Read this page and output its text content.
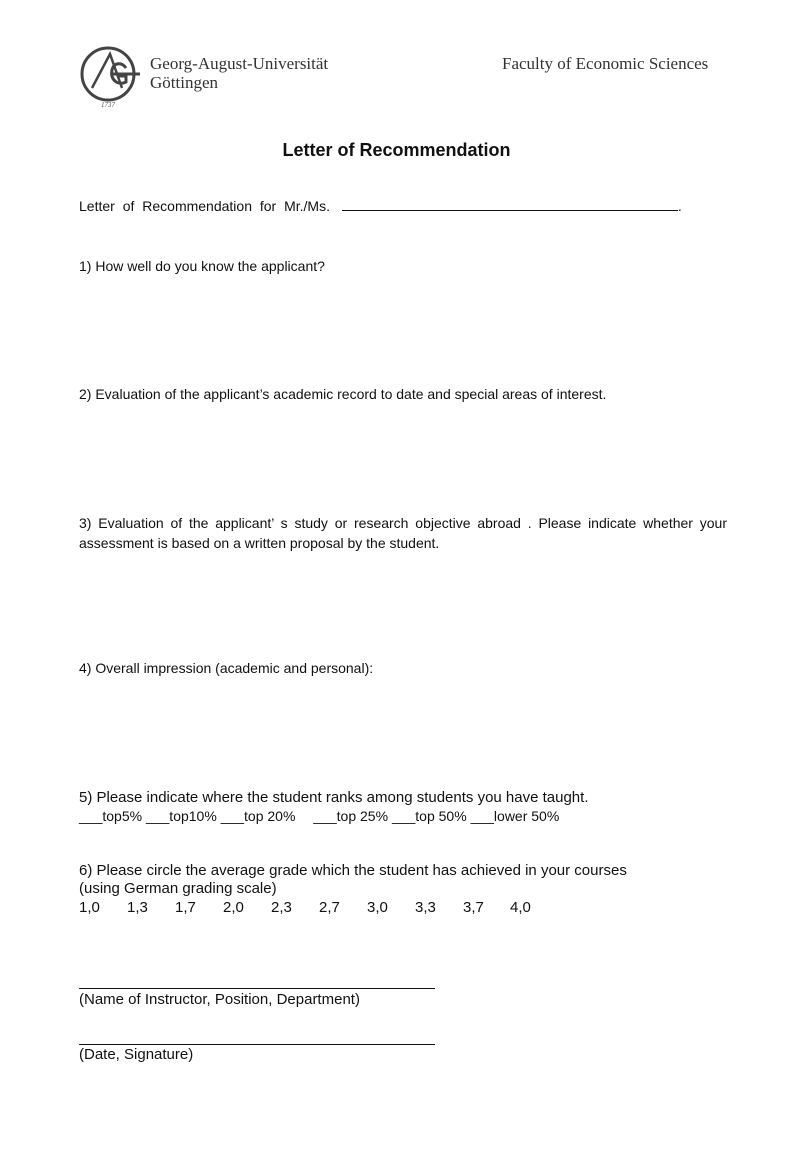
1737
Georg-August-Universität
Göttingen
Faculty of Economic Sciences
Letter of Recommendation
Letter of Recommendation for Mr./Ms.	.
1) How well do you know the applicant?
2) Evaluation of the applicant’s academic record to date and special areas of interest.
3) Evaluation of the applicant’ s study or research objective abroad . Please indicate whether your assessment is based on a written proposal by the student.
4) Overall impression (academic and personal):
5) Please indicate where the student ranks among students you have taught.
___top5% ___top10% ___top 20% ___top 25% ___top 50% ___lower 50%
6) Please circle the average grade which the student has achieved in your courses
(using German grading scale)
1,0 1,3 1,7 2,0 2,3 2,7 3,0 3,3 3,7 4,0
(Name of Instructor, Position, Department)
(Date, Signature)
